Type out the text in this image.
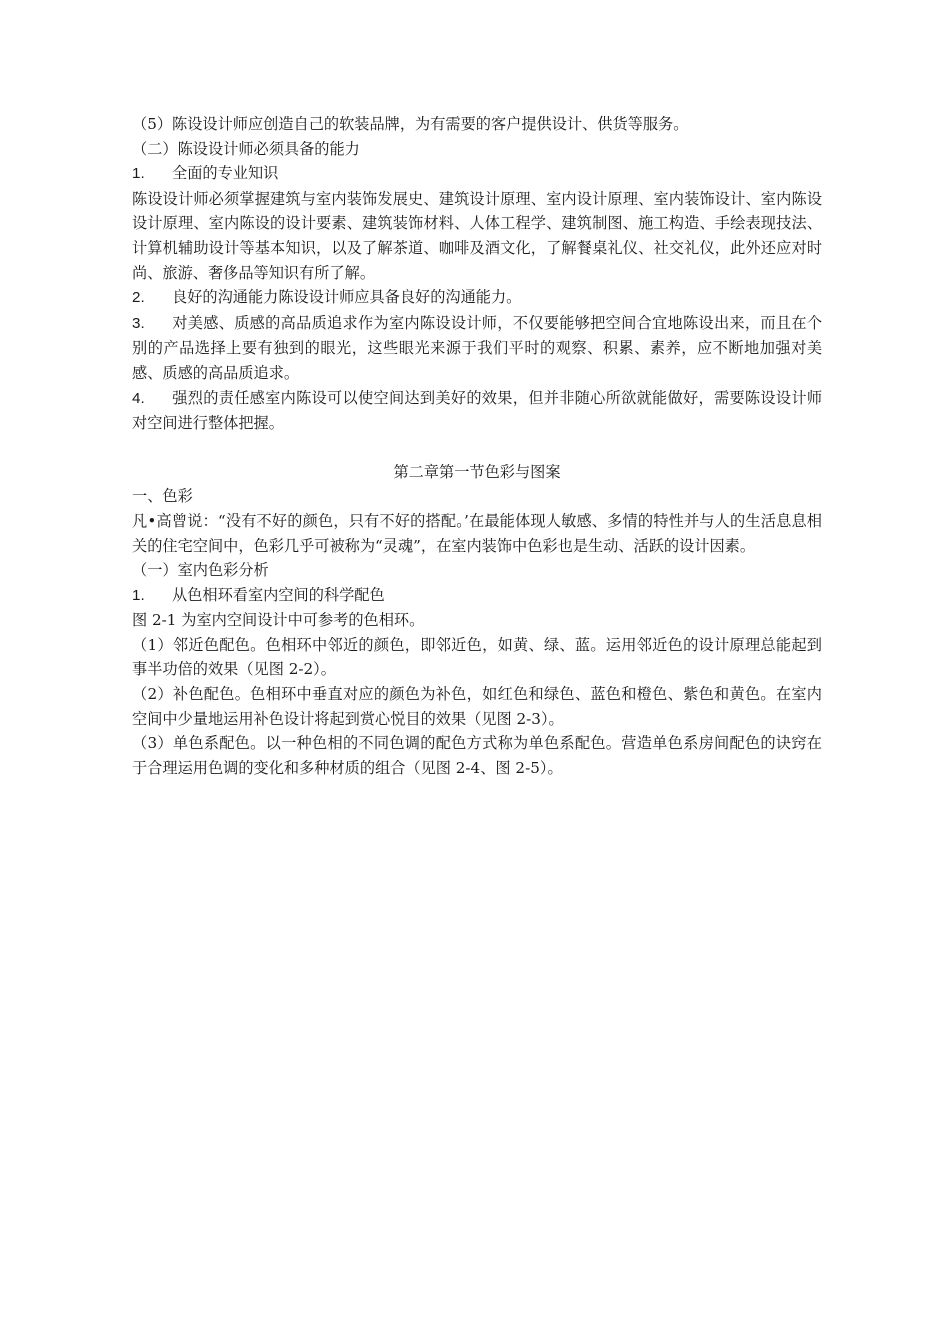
（5）陈设设计师应创造自己的软装品牌，为有需要的客户提供设计、供货等服务。
（二）陈设设计师必须具备的能力
1. 全面的专业知识
陈设设计师必须掌握建筑与室内装饰发展史、建筑设计原理、室内设计原理、室内装饰设计、室内陈设设计原理、室内陈设的设计要素、建筑装饰材料、人体工程学、建筑制图、施工构造、手绘表现技法、计算机辅助设计等基本知识，以及了解茶道、咖啡及酒文化，了解餐桌礼仪、社交礼仪，此外还应对时尚、旅游、奢侈品等知识有所了解。
2. 良好的沟通能力陈设设计师应具备良好的沟通能力。
3. 对美感、质感的高品质追求作为室内陈设设计师，不仅要能够把空间合宜地陈设出来，而且在个别的产品选择上要有独到的眼光，这些眼光来源于我们平时的观察、积累、素养，应不断地加强对美感、质感的高品质追求。
4. 强烈的责任感室内陈设可以使空间达到美好的效果，但并非随心所欲就能做好，需要陈设设计师对空间进行整体把握。
第二章第一节色彩与图案
一、色彩
凡•高曾说：“没有不好的颜色，只有不好的搭配。’在最能体现人敏感、多情的特性并与人的生活息息相关的住宅空间中，色彩几乎可被称为“灵魂”，在室内装饰中色彩也是生动、活跃的设计因素。
（一）室内色彩分析
1. 从色相环看室内空间的科学配色
图 2-1 为室内空间设计中可参考的色相环。
（1）邻近色配色。色相环中邻近的颜色，即邻近色，如黄、绿、蓝。运用邻近色的设计原理总能起到事半功倍的效果（见图 2-2）。
（2）补色配色。色相环中垂直对应的颜色为补色，如红色和绿色、蓝色和橙色、紫色和黄色。在室内空间中少量地运用补色设计将起到赏心悦目的效果（见图 2-3）。
（3）单色系配色。以一种色相的不同色调的配色方式称为单色系配色。营造单色系房间配色的诀窍在于合理运用色调的变化和多种材质的组合（见图 2-4、图 2-5）。
